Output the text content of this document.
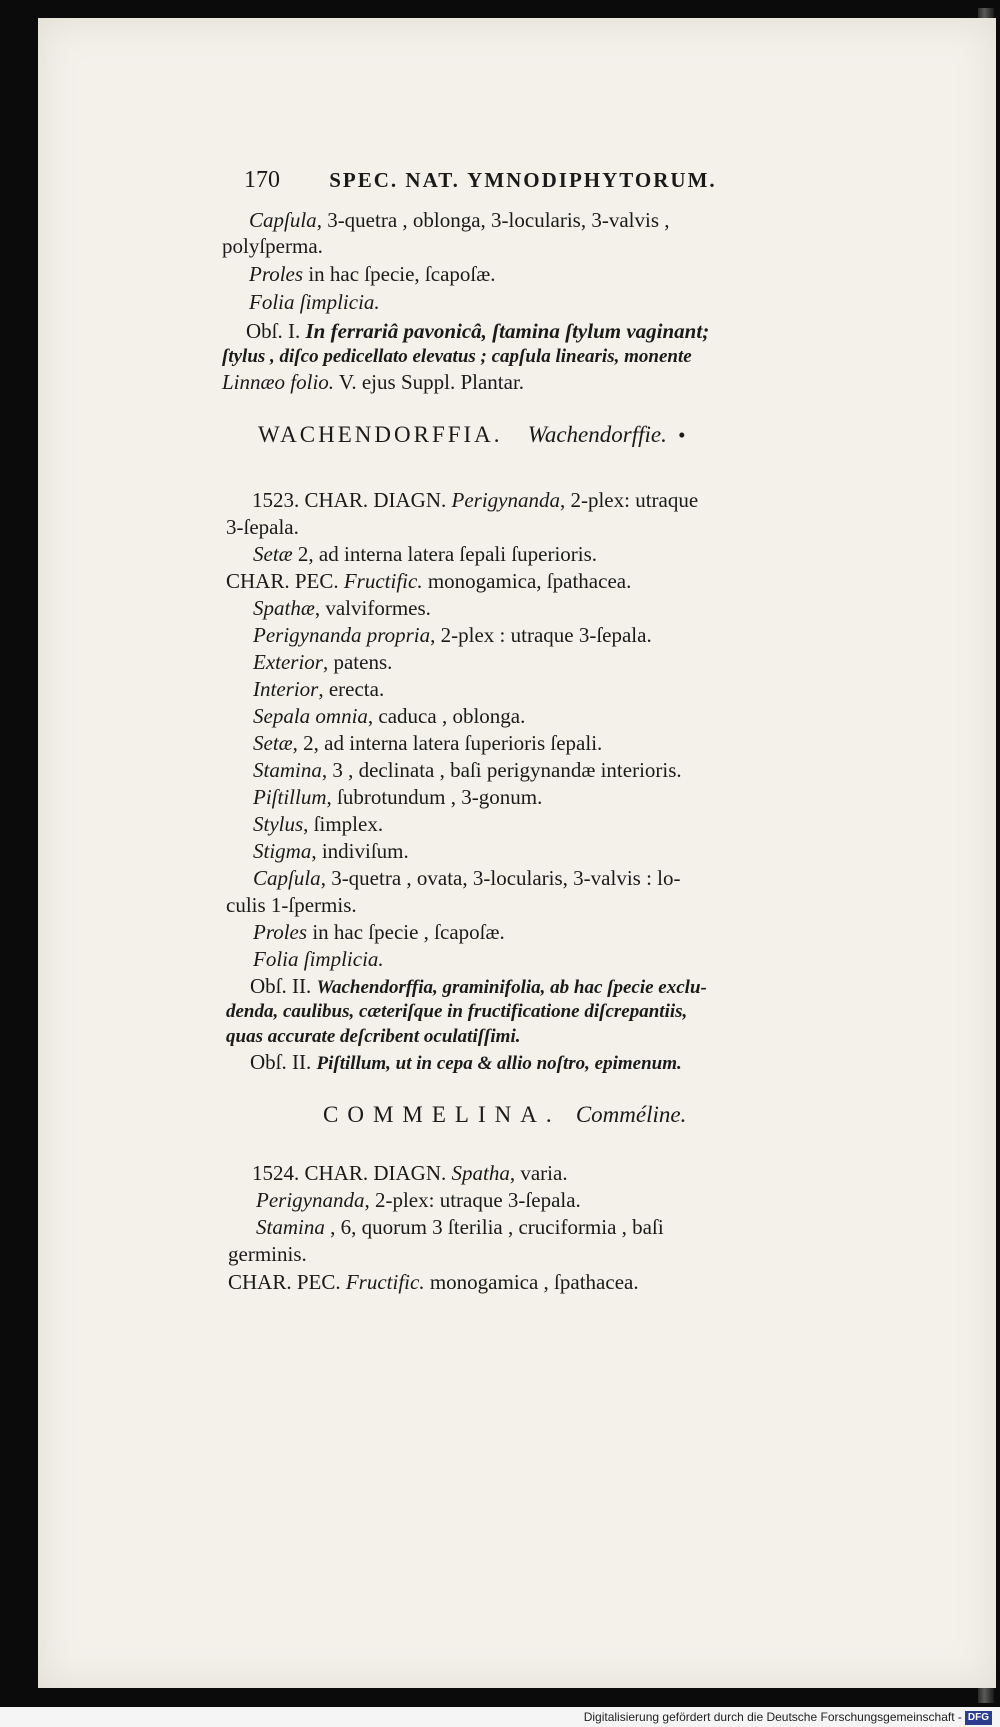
170 SPEC. NAT. ΥMNODIPHYTORUM.
Capſula, 3-quetra , oblonga, 3-locularis, 3-valvis ,
polyſperma.
Proles in hac ſpecie, ſcapoſæ.
Folia ſimplicia.
Obſ. I. In ferrariâ pavonicâ, ſtamina ſtylum vaginant;
ſtylus , diſco pedicellato elevatus ; capſula linearis, monente
Linnæo folio. V. ejus Suppl. Plantar.
WACHENDORFFIA. Wachendorffie. •
1523. CHAR. DIAGN. Perigynanda, 2-plex: utraque
3-ſepala.
Setæ 2, ad interna latera ſepali ſuperioris.
CHAR. PEC. Fructific. monogamica, ſpathacea.
Spathæ, valviformes.
Perigynanda propria, 2-plex : utraque 3-ſepala.
Exterior, patens.
Interior, erecta.
Sepala omnia, caduca , oblonga.
Setæ, 2, ad interna latera ſuperioris ſepali.
Stamina, 3 , declinata , baſi perigynandæ interioris.
Piſtillum, ſubrotundum , 3-gonum.
Stylus, ſimplex.
Stigma, indiviſum.
Capſula, 3-quetra , ovata, 3-locularis, 3-valvis : lo-
culis 1-ſpermis.
Proles in hac ſpecie , ſcapoſæ.
Folia ſimplicia.
Obſ. II. Wachendorffia, graminifolia, ab hac ſpecie exclu-
denda, caulibus, cæteriſque in fructificatione diſcrepantiis,
quas accurate deſcribent oculatiſſimi.
Obſ. II. Piſtillum, ut in cepa & allio noſtro, epimenum.
COMMELINA. Comméline.
1524. CHAR. DIAGN. Spatha, varia.
Perigynanda, 2-plex: utraque 3-ſepala.
Stamina , 6, quorum 3 ſterilia , cruciformia , baſi
germinis.
CHAR. PEC. Fructific. monogamica , ſpathacea.
Digitalisierung gefördert durch die Deutsche Forschungsgemeinschaft - DFG
